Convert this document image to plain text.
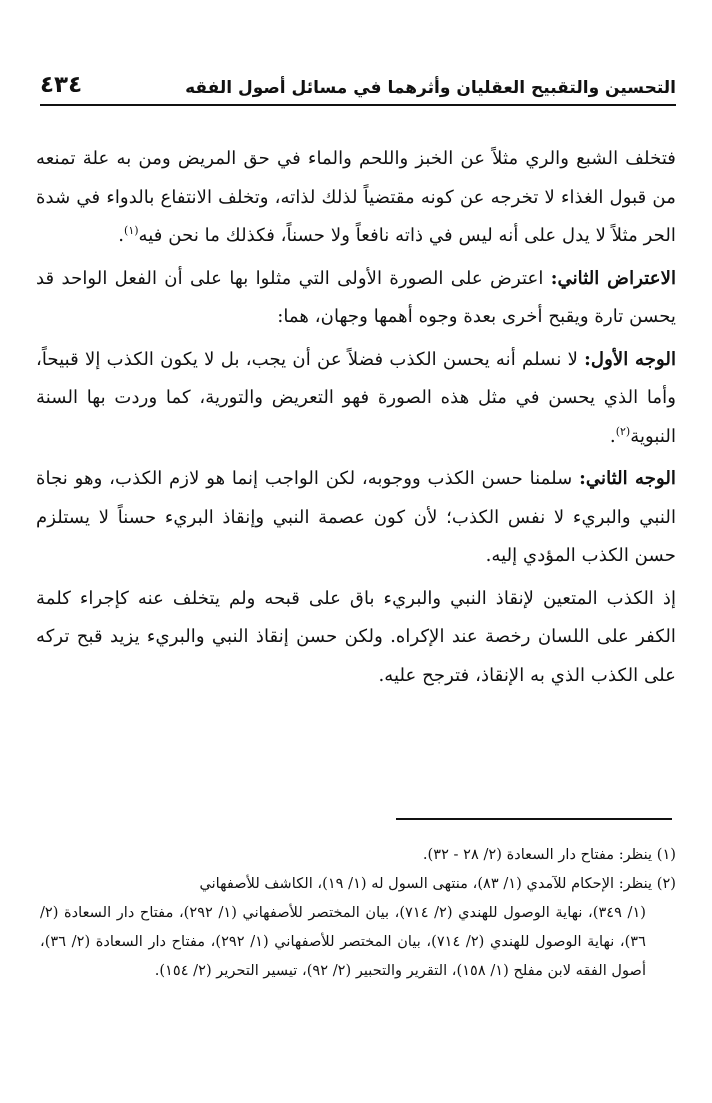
التحسين والتقبيح العقليان وأثرهما في مسائل أصول الفقه
٤٣٤

فتخلف الشبع والري مثلاً عن الخبز واللحم والماء في حق المريض ومن به علة تمنعه من قبول الغذاء لا تخرجه عن كونه مقتضياً لذلك لذاته، وتخلف الانتفاع بالدواء في شدة الحر مثلاً لا يدل على أنه ليس في ذاته نافعاً ولا حسناً، فكذلك ما نحن فيه$^{(١)}$.

الاعتراض الثاني: اعترض على الصورة الأولى التي مثلوا بها على أن الفعل الواحد قد يحسن تارة ويقبح أخرى بعدة وجوه أهمها وجهان، هما:

الوجه الأول: لا نسلم أنه يحسن الكذب فضلاً عن أن يجب، بل لا يكون الكذب إلا قبيحاً، وأما الذي يحسن في مثل هذه الصورة فهو التعريض والتورية، كما وردت بها السنة النبوية$^{(٢)}$.

الوجه الثاني: سلمنا حسن الكذب ووجوبه، لكن الواجب إنما هو لازم الكذب، وهو نجاة النبي والبريء لا نفس الكذب؛ لأن كون عصمة النبي وإنقاذ البريء حسناً لا يستلزم حسن الكذب المؤدي إليه.

إذ الكذب المتعين لإنقاذ النبي والبريء باق على قبحه ولم يتخلف عنه كإجراء كلمة الكفر على اللسان رخصة عند الإكراه. ولكن حسن إنقاذ النبي والبريء يزيد قبح تركه على الكذب الذي به الإنقاذ، فترجح عليه.

(١) ينظر: مفتاح دار السعادة (٢/ ٢٨ - ٣٢).

(٢) ينظر: الإحكام للآمدي (١/ ٨٣)، منتهى السول له (١/ ١٩)، الكاشف للأصفهاني

(١/ ٣٤٩)، نهاية الوصول للهندي (٢/ ٧١٤)، بيان المختصر للأصفهاني (١/ ٢٩٢)، مفتاح دار السعادة (٢/ ٣٦)، نهاية الوصول للهندي (٢/ ٧١٤)، بيان المختصر للأصفهاني (١/ ٢٩٢)، مفتاح دار السعادة (٢/ ٣٦)، أصول الفقه لابن مفلح (١/ ١٥٨)، التقرير والتحبير (٢/ ٩٢)، تيسير التحرير (٢/ ١٥٤).
